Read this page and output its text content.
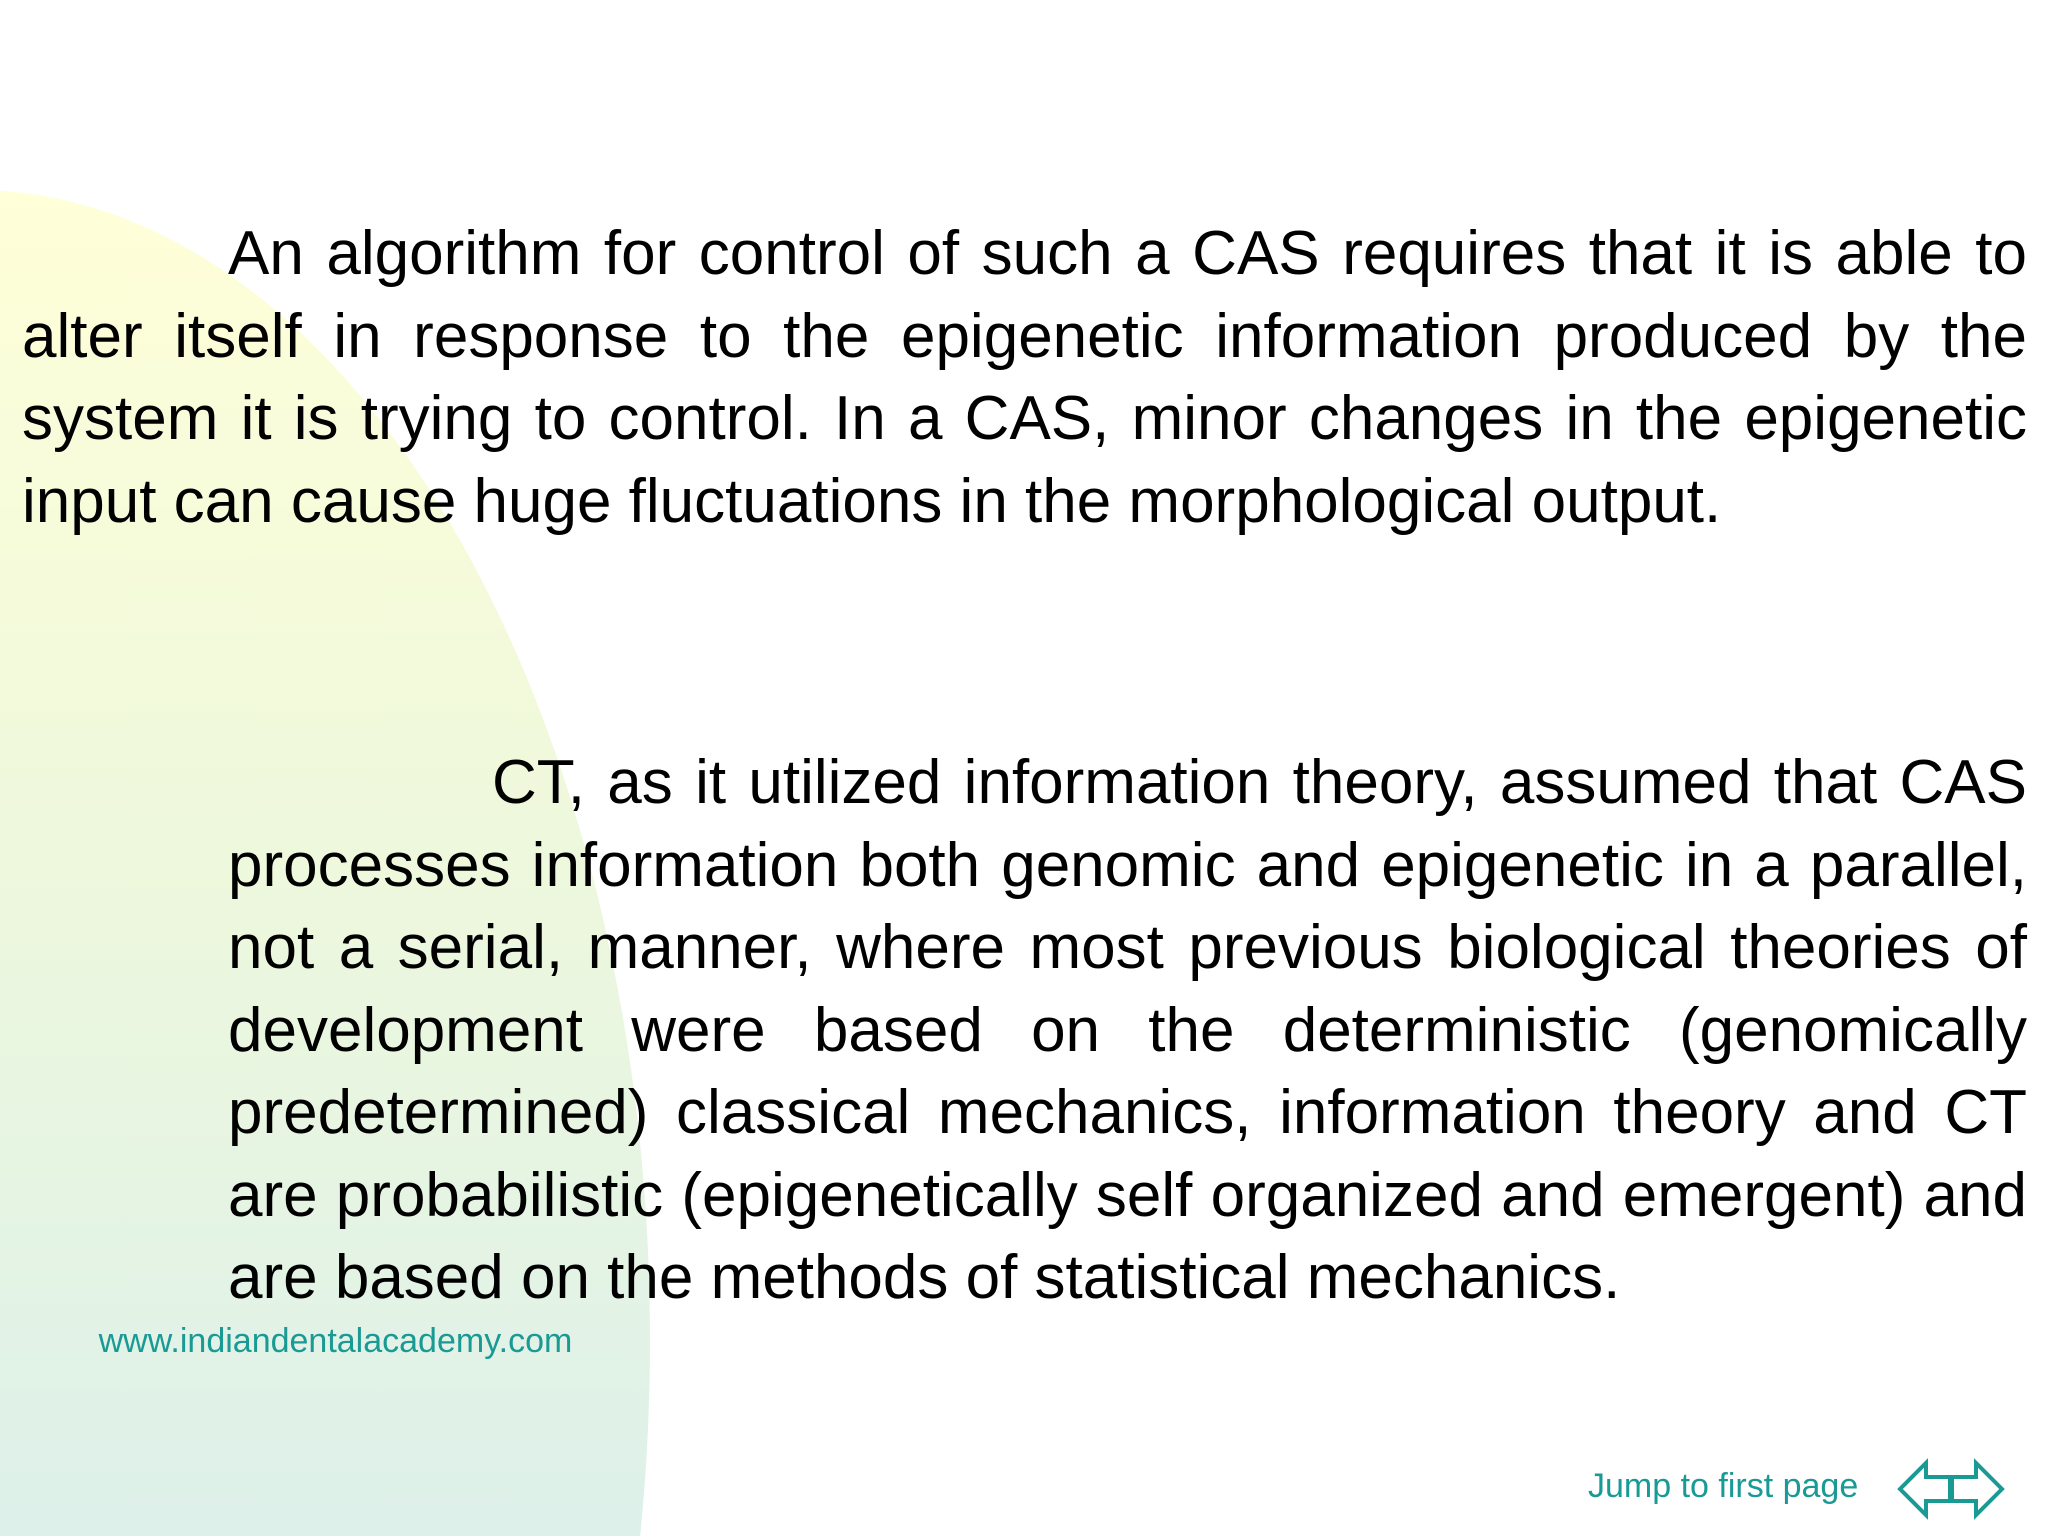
An algorithm for control of such a CAS requires that it is able to alter itself in response to the epigenetic information produced by the system it is trying to control. In a CAS, minor changes in the epigenetic input can cause huge fluctuations in the morphological output.

CT, as it utilized information theory, assumed that CAS processes information both genomic and epigenetic in a parallel, not a serial, manner, where most previous biological theories of development were based on the deterministic (genomically predetermined) classical mechanics, information theory and CT are probabilistic (epigenetically self organized and emergent) and are based on the methods of statistical mechanics.

www.indiandentalacademy.com
Jump to first page
